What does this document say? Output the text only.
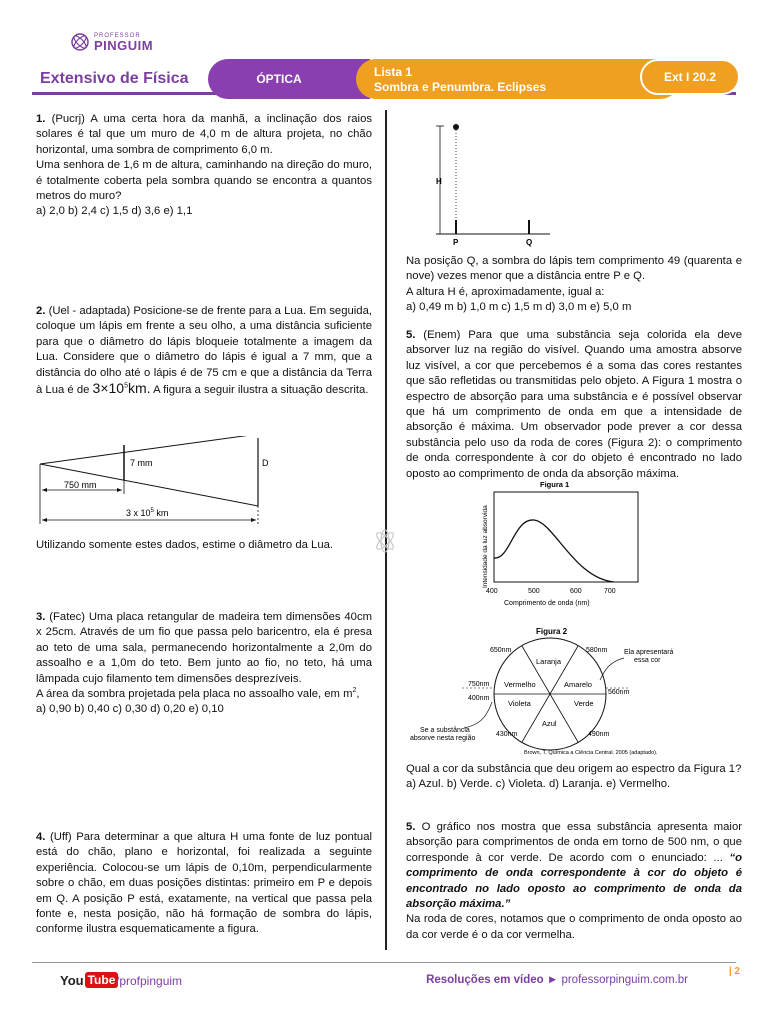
PROFESSOR
PINGUIM
Extensivo de Física	ÓPTICA	Lista 1
Sombra e Penumbra. Eclipses
Ext I 20.2
1. (Pucrj) A uma certa hora da manhã, a inclinação dos raios solares é tal que um muro de 4,0 m de altura projeta, no chão horizontal, uma sombra de comprimento 6,0 m.
Uma senhora de 1,6 m de altura, caminhando na direção do muro, é totalmente coberta pela sombra quando se encontra a quantos metros do muro?
a) 2,0 b) 2,4 c) 1,5 d) 3,6 e) 1,1
2. (Uel - adaptada) Posicione-se de frente para a Lua. Em seguida, coloque um lápis em frente a seu olho, a uma distância suficiente para que o diâmetro do lápis bloqueie totalmente a imagem da Lua. Considere que o diâmetro do lápis é igual a 7 mm, que a distância do olho até o lápis é de 75 cm e que a distância da Terra à Lua é de $3\times 10^5km$. A figura a seguir ilustra a situação descrita.
7 mm	D
750 mm
3 x $10^5$ km
Utilizando somente estes dados, estime o diâmetro da Lua.
3. (Fatec) Uma placa retangular de madeira tem dimensões 40cm x 25cm. Através de um fio que passa pelo baricentro, ela é presa ao teto de uma sala, permanecendo horizontalmente a 2,0m do assoalho e a 1,0m do teto. Bem junto ao fio, no teto, há uma lâmpada cujo filamento tem dimensões desprezíveis.
A área da sombra projetada pela placa no assoalho vale, em $m^2$,
a) 0,90 b) 0,40 c) 0,30 d) 0,20 e) 0,10
4. (Uff) Para determinar a que altura H uma fonte de luz pontual está do chão, plano e horizontal, foi realizada a seguinte experiência. Colocou-se um lápis de 0,10m, perpendicularmente sobre o chão, em duas posições distintas: primeiro em P e depois em Q. A posição P está, exatamente, na vertical que passa pela fonte e, nesta posição, não há formação de sombra do lápis, conforme ilustra esquematicamente a figura.
H
P	Q
Na posição Q, a sombra do lápis tem comprimento 49 (quarenta e nove) vezes menor que a distância entre P e Q.
A altura H é, aproximadamente, igual a:
a) 0,49 m b) 1,0 m c) 1,5 m d) 3,0 m e) 5,0 m
5. (Enem) Para que uma substância seja colorida ela deve absorver luz na região do visível. Quando uma amostra absorve luz visível, a cor que percebemos é a soma das cores restantes que são refletidas ou transmitidas pelo objeto. A Figura 1 mostra o espectro de absorção para uma substância e é possível observar que há um comprimento de onda em que a intensidade de absorção é máxima. Um observador pode prever a cor dessa substância pelo uso da roda de cores (Figura 2): o comprimento de onda correspondente à cor do objeto é encontrado no lado oposto ao comprimento de onda da absorção máxima.
Figura 1
Intensidade da luz absorvida
400	500	600	700
Comprimento de onda (nm)
Figura 2
Laranja
Vermelho	Amarelo
Violeta	Verde
Azul
650nm	580nm
750nm
400nm
560nm
430nm	490nm
Ela apresentará
essa cor
Se a substância
absorve nesta região
Brown, T. Química a Ciência Central. 2005 (adaptado).
Qual a cor da substância que deu origem ao espectro da Figura 1?
a) Azul. b) Verde. c) Violeta. d) Laranja. e) Vermelho.
5. O gráfico nos mostra que essa substância apresenta maior absorção para comprimentos de onda em torno de 500 nm, o que corresponde à cor verde. De acordo com o enunciado: ... “o comprimento de onda correspondente à cor do objeto é encontrado no lado oposto ao comprimento de onda da absorção máxima.”
Na roda de cores, notamos que o comprimento de onda oposto ao da cor verde é o da cor vermelha.
You Tube /profpinguim	Resoluções em vídeo ► professorpinguim.com.br
| 2
